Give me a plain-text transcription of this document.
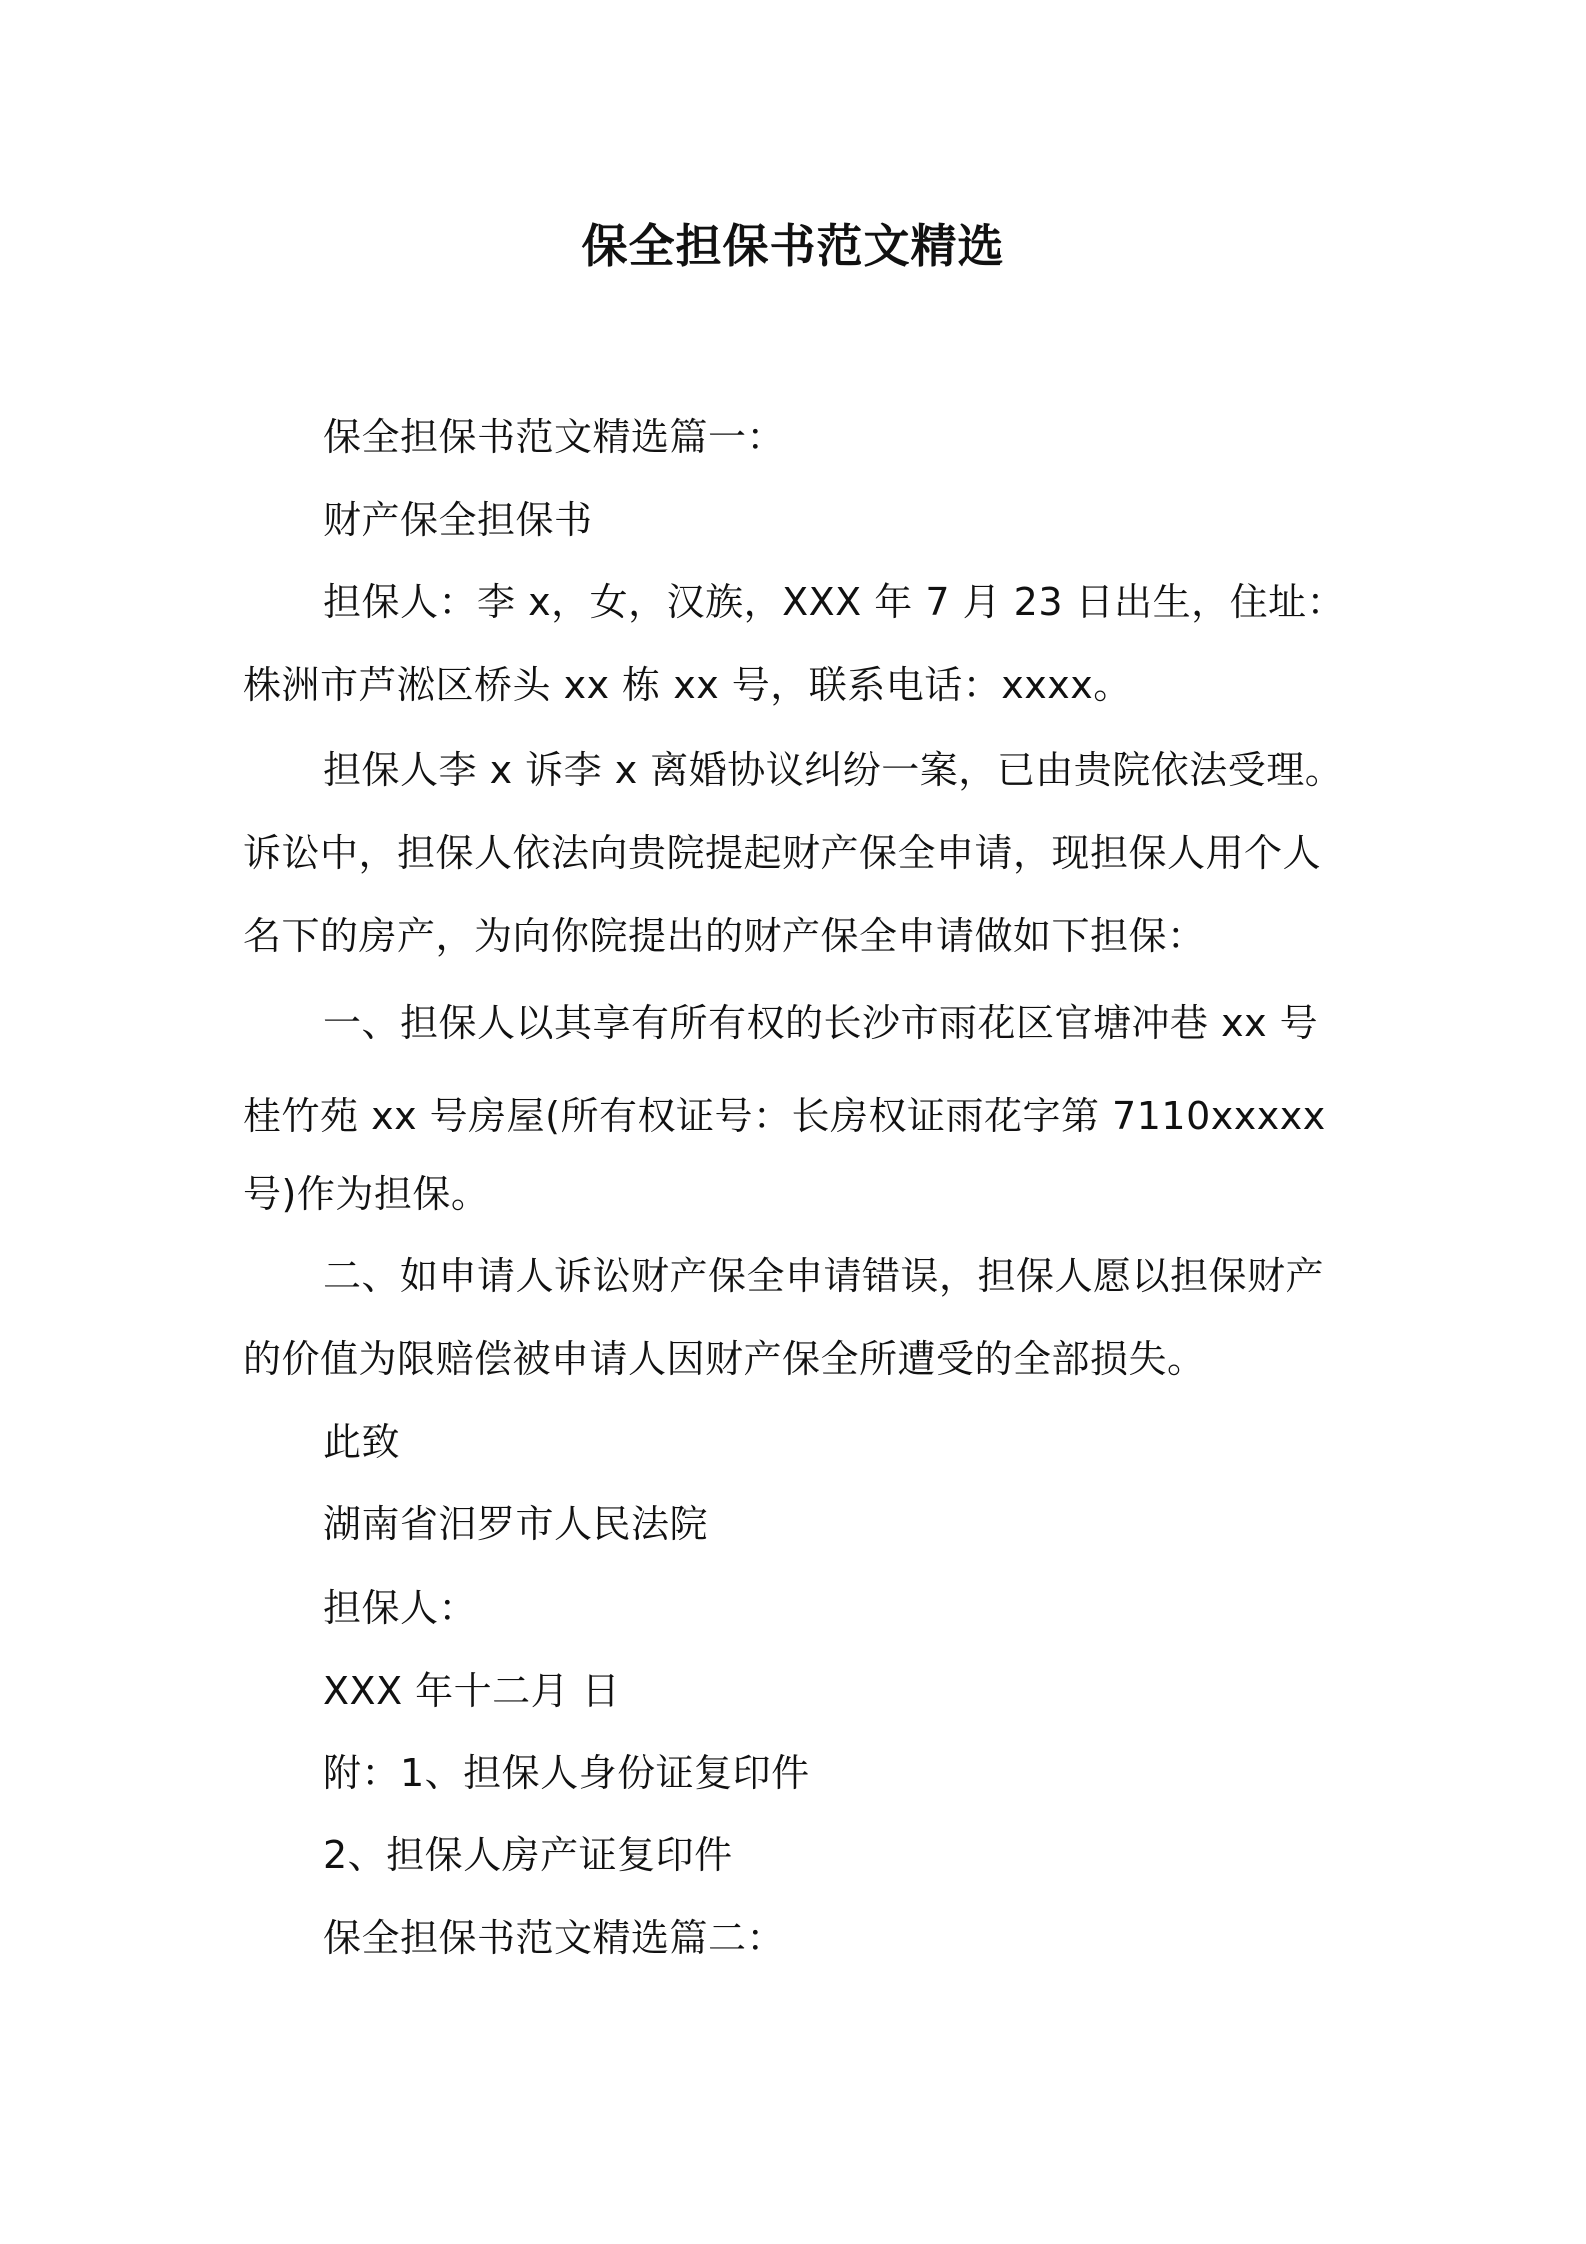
保全担保书范文精选
保全担保书范文精选篇一：
财产保全担保书
担保人：李 x，女，汉族，XXX 年 7 月 23 日出生，住址：
株洲市芦淞区桥头 xx 栋 xx 号，联系电话：xxxx。
担保人李 x 诉李 x 离婚协议纠纷一案，已由贵院依法受理。
诉讼中，担保人依法向贵院提起财产保全申请，现担保人用个人
名下的房产，为向你院提出的财产保全申请做如下担保：
一、担保人以其享有所有权的长沙市雨花区官塘冲巷 xx 号
桂竹苑 xx 号房屋(所有权证号：长房权证雨花字第 7110xxxxx
号)作为担保。
二、如申请人诉讼财产保全申请错误，担保人愿以担保财产
的价值为限赔偿被申请人因财产保全所遭受的全部损失。
此致
湖南省汨罗市人民法院
担保人：
XXX 年十二月 日
附：1、担保人身份证复印件
2、担保人房产证复印件
保全担保书范文精选篇二：
